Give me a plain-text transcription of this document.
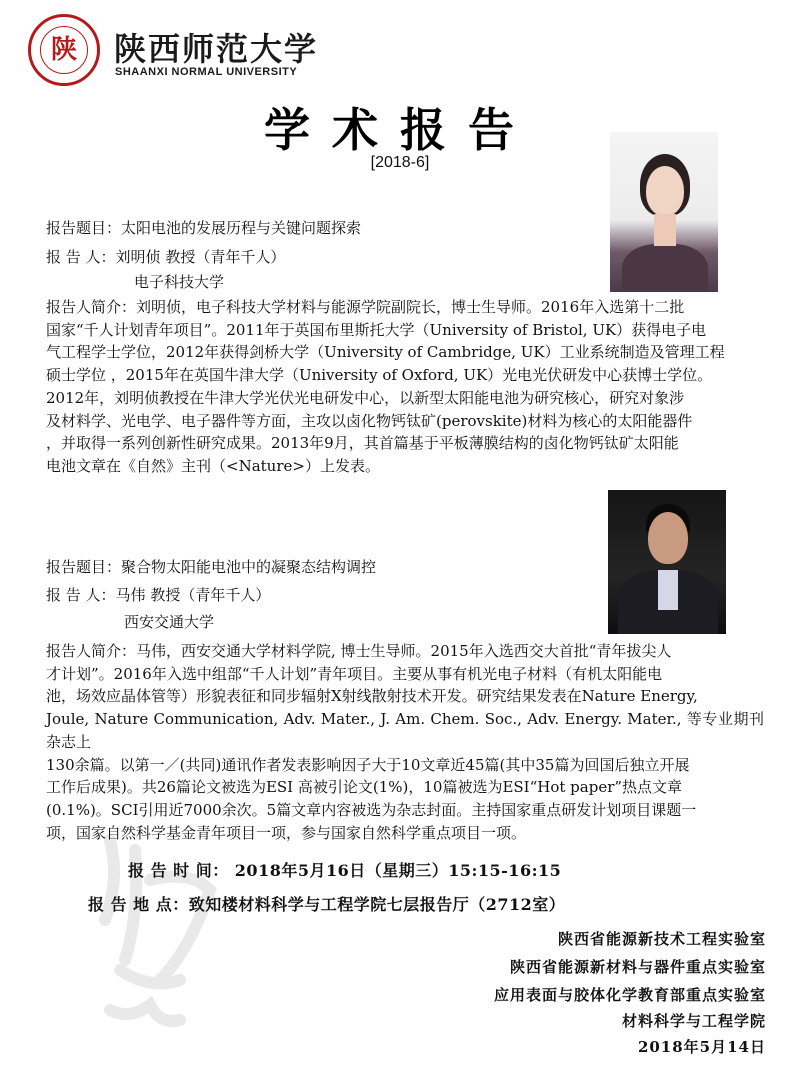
陕 陕西师范大学
SHAANXI NORMAL UNIVERSITY
学术报告
[2018-6]
报告题目：太阳电池的发展历程与关键问题探索
报 告 人：刘明侦 教授（青年千人）
电子科技大学
报告人简介：刘明侦，电子科技大学材料与能源学院副院长，博士生导师。2016年入选第十二批
国家“千人计划青年项目”。2011年于英国布里斯托大学（University of Bristol, UK）获得电子电
气工程学士学位，2012年获得剑桥大学（University of Cambridge, UK）工业系统制造及管理工程
硕士学位 ，2015年在英国牛津大学（University of Oxford, UK）光电光伏研发中心获博士学位。
2012年，刘明侦教授在牛津大学光伏光电研发中心，以新型太阳能电池为研究核心，研究对象涉
及材料学、光电学、电子器件等方面，主攻以卤化物钙钛矿(perovskite)材料为核心的太阳能器件
，并取得一系列创新性研究成果。2013年9月，其首篇基于平板薄膜结构的卤化物钙钛矿太阳能
电池文章在《自然》主刊（<Nature>）上发表。
报告题目：聚合物太阳能电池中的凝聚态结构调控
报 告 人：马伟 教授（青年千人）
西安交通大学
报告人简介：马伟，西安交通大学材料学院, 博士生导师。2015年入选西交大首批“青年拔尖人
才计划”。2016年入选中组部“千人计划”青年项目。主要从事有机光电子材料（有机太阳能电
池，场效应晶体管等）形貌表征和同步辐射X射线散射技术开发。研究结果发表在Nature Energy,
Joule, Nature Communication, Adv. Mater., J. Am. Chem. Soc., Adv. Energy. Mater., 等专业期刊杂志上
130余篇。以第一／(共同)通讯作者发表影响因子大于10文章近45篇(其中35篇为回国后独立开展
工作后成果)。共26篇论文被选为ESI 高被引论文(1%)，10篇被选为ESI“Hot paper”热点文章
(0.1%)。SCI引用近7000余次。5篇文章内容被选为杂志封面。主持国家重点研发计划项目课题一
项，国家自然科学基金青年项目一项，参与国家自然科学重点项目一项。
报 告 时 间： 2018年5月16日（星期三）15:15-16:15
报 告 地 点：致知楼材料科学与工程学院七层报告厅（2712室）
陕西省能源新技术工程实验室
陕西省能源新材料与器件重点实验室
应用表面与胶体化学教育部重点实验室
材料科学与工程学院
2018年5月14日
